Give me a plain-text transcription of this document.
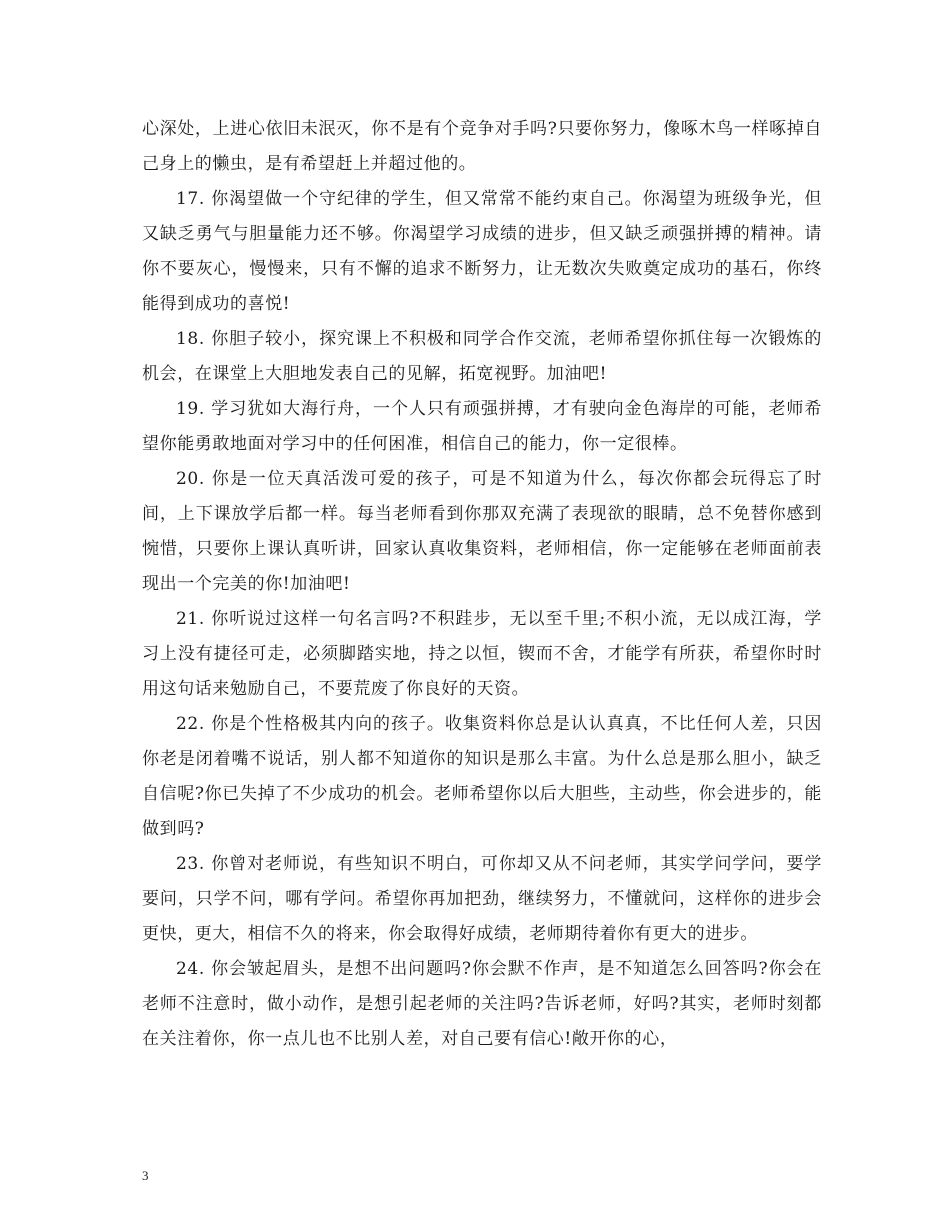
心深处，上进心依旧未泯灭，你不是有个竞争对手吗?只要你努力，像啄木鸟一样啄掉自己身上的懒虫，是有希望赶上并超过他的。

17. 你渴望做一个守纪律的学生，但又常常不能约束自己。你渴望为班级争光，但又缺乏勇气与胆量能力还不够。你渴望学习成绩的进步，但又缺乏顽强拼搏的精神。请你不要灰心，慢慢来，只有不懈的追求不断努力，让无数次失败奠定成功的基石，你终能得到成功的喜悦!

18. 你胆子较小，探究课上不积极和同学合作交流，老师希望你抓住每一次锻炼的机会，在课堂上大胆地发表自己的见解，拓宽视野。加油吧!

19. 学习犹如大海行舟，一个人只有顽强拼搏，才有驶向金色海岸的可能，老师希望你能勇敢地面对学习中的任何困准，相信自己的能力，你一定很棒。

20. 你是一位天真活泼可爱的孩子，可是不知道为什么，每次你都会玩得忘了时间，上下课放学后都一样。每当老师看到你那双充满了表现欲的眼睛，总不免替你感到惋惜，只要你上课认真听讲，回家认真收集资料，老师相信，你一定能够在老师面前表现出一个完美的你!加油吧!

21. 你听说过这样一句名言吗?不积跬步，无以至千里;不积小流，无以成江海，学习上没有捷径可走，必须脚踏实地，持之以恒，锲而不舍，才能学有所获，希望你时时用这句话来勉励自己，不要荒废了你良好的天资。

22. 你是个性格极其内向的孩子。收集资料你总是认认真真，不比任何人差，只因你老是闭着嘴不说话，别人都不知道你的知识是那么丰富。为什么总是那么胆小，缺乏自信呢?你已失掉了不少成功的机会。老师希望你以后大胆些，主动些，你会进步的，能做到吗?

23. 你曾对老师说，有些知识不明白，可你却又从不问老师，其实学问学问，要学要问，只学不问，哪有学问。希望你再加把劲，继续努力，不懂就问，这样你的进步会更快，更大，相信不久的将来，你会取得好成绩，老师期待着你有更大的进步。

24. 你会皱起眉头，是想不出问题吗?你会默不作声，是不知道怎么回答吗?你会在老师不注意时，做小动作，是想引起老师的关注吗?告诉老师，好吗?其实，老师时刻都在关注着你，你一点儿也不比别人差，对自己要有信心!敞开你的心，

3
